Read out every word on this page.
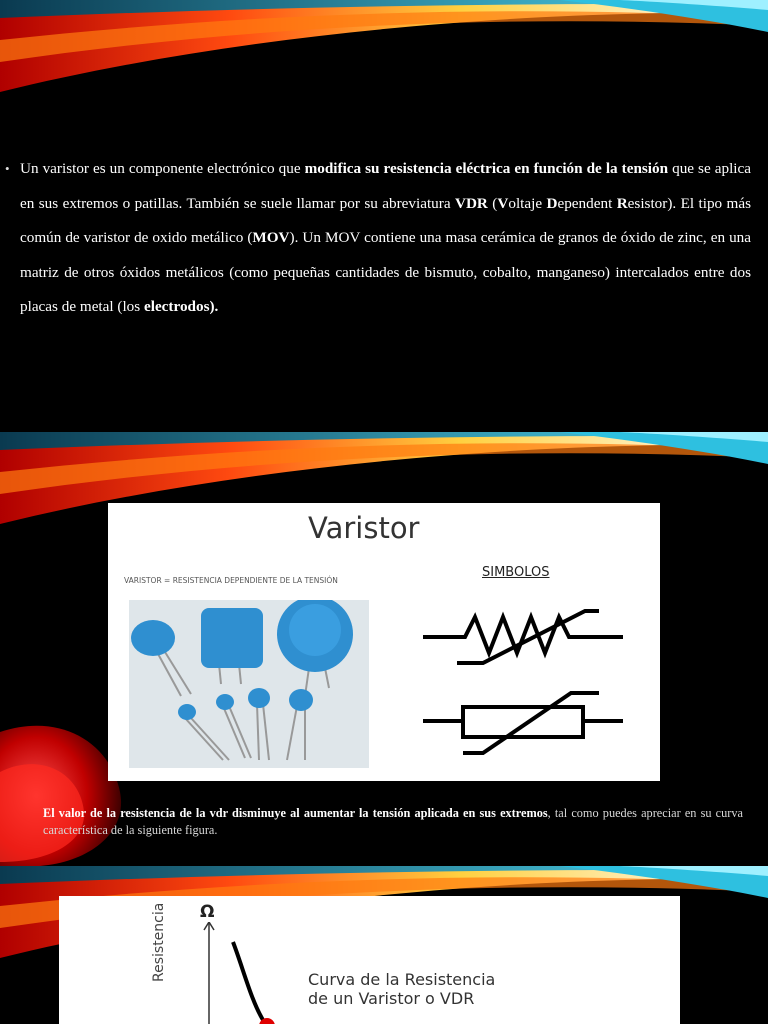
• Un varistor es un componente electrónico que modifica su resistencia eléctrica en función de la tensión que se aplica en sus extremos o patillas. También se suele llamar por su abreviatura VDR (Voltaje Dependent Resistor). El tipo más común de varistor de oxido metálico (MOV). Un MOV contiene una masa cerámica de granos de óxido de zinc, en una matriz de otros óxidos metálicos (como pequeñas cantidades de bismuto, cobalto, manganeso) intercalados entre dos placas de metal (los electrodos).
Varistor
VARISTOR = RESISTENCIA DEPENDIENTE DE LA TENSIÓN
SIMBOLOS
El valor de la resistencia de la vdr disminuye al aumentar la tensión aplicada en sus extremos, tal como puedes apreciar en su curva característica de la siguiente figura.
Ω
Resistencia	Curva de la Resistencia
de un Varistor o VDR
